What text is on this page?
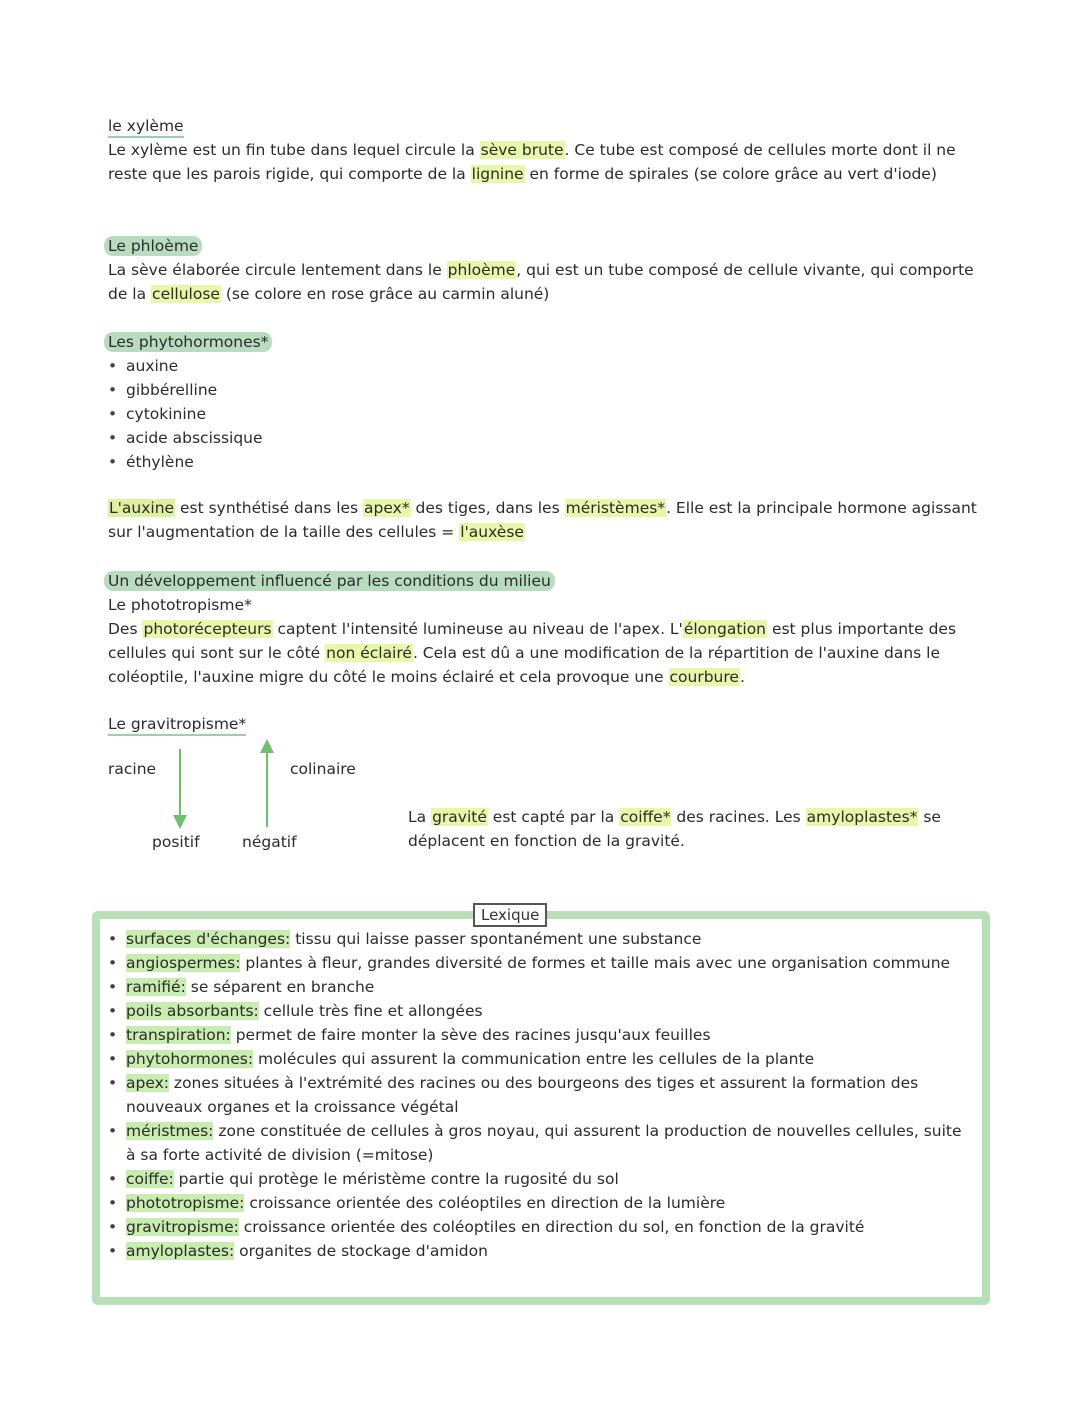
le xylème

Le xylème est un fin tube dans lequel circule la sève brute. Ce tube est composé de cellules morte dont il ne reste que les parois rigide, qui comporte de la lignine en forme de spirales (se colore grâce au vert d'iode)

Le phloème

La sève élaborée circule lentement dans le phloème, qui est un tube composé de cellule vivante, qui comporte de la cellulose (se colore en rose grâce au carmin aluné)

Les phytohormones*
• auxine
• gibbérelline
• cytokinine
• acide abscissique
• éthylène

L'auxine est synthétisé dans les apex* des tiges, dans les méristèmes*. Elle est la principale hormone agissant sur l'augmentation de la taille des cellules = l'auxèse

Un développement influencé par les conditions du milieu
Le phototropisme*

Des photorécepteurs captent l'intensité lumineuse au niveau de l'apex. L'élongation est plus importante des cellules qui sont sur le côté non éclairé. Cela est dû a une modification de la répartition de l'auxine dans le coléoptile, l'auxine migre du côté le moins éclairé et cela provoque une courbure.

Le gravitropisme*
racine	colinaire
positif	négatif
La gravité est capté par la coiffe* des racines. Les amyloplastes* se déplacent en fonction de la gravité.
Lexique
• surfaces d'échanges: tissu qui laisse passer spontanément une substance
• angiospermes: plantes à fleur, grandes diversité de formes et taille mais avec une organisation commune
• ramifié: se séparent en branche
• poils absorbants: cellule très fine et allongées
• transpiration: permet de faire monter la sève des racines jusqu'aux feuilles
• phytohormones: molécules qui assurent la communication entre les cellules de la plante
• apex: zones situées à l'extrémité des racines ou des bourgeons des tiges et assurent la formation des nouveaux organes et la croissance végétal
• méristmes: zone constituée de cellules à gros noyau, qui assurent la production de nouvelles cellules, suite à sa forte activité de division (=mitose)
• coiffe: partie qui protège le méristème contre la rugosité du sol
• phototropisme: croissance orientée des coléoptiles en direction de la lumière
• gravitropisme: croissance orientée des coléoptiles en direction du sol, en fonction de la gravité
• amyloplastes: organites de stockage d'amidon
